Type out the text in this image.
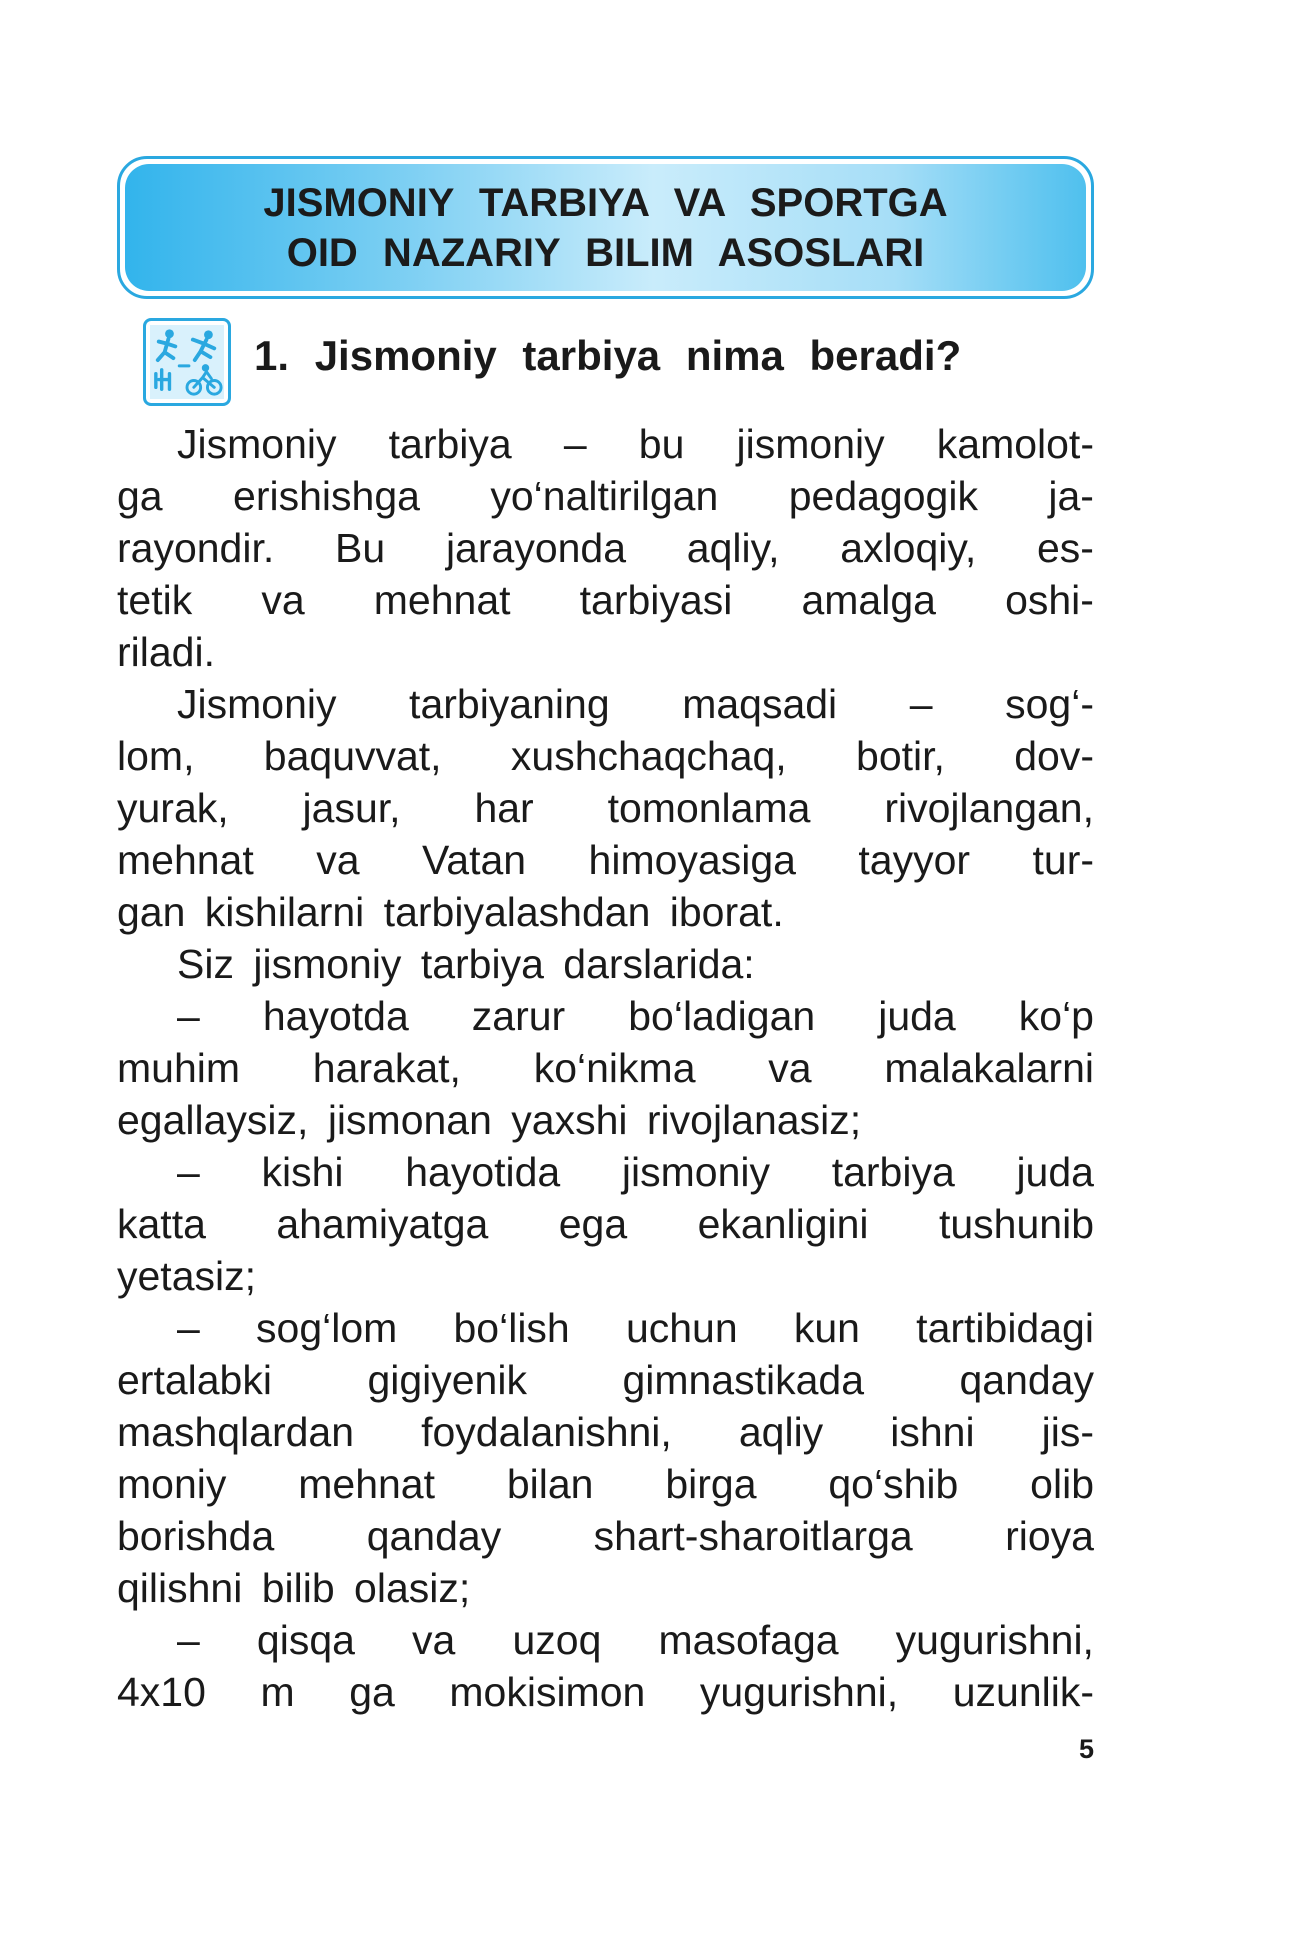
JISMONIY TARBIYA VA SPORTGA
OID NAZARIY BILIM ASOSLARI
1. Jismoniy tarbiya nima beradi?
Jismoniy tarbiya – bu jismoniy kamolot-
ga erishishga yo‘naltirilgan pedagogik ja-
rayondir. Bu jarayonda aqliy, axloqiy, es-
tetik va mehnat tarbiyasi amalga oshi-
riladi.
Jismoniy tarbiyaning maqsadi – sog‘-
lom, baquvvat, xushchaqchaq, botir, dov-
yurak, jasur, har tomonlama rivojlangan,
mehnat va Vatan himoyasiga tayyor tur-
gan kishilarni tarbiyalashdan iborat.
Siz jismoniy tarbiya darslarida:
– hayotda zarur bo‘ladigan juda ko‘p
muhim harakat, ko‘nikma va malakalarni
egallaysiz, jismonan yaxshi rivojlanasiz;
– kishi hayotida jismoniy tarbiya juda
katta ahamiyatga ega ekanligini tushunib
yetasiz;
– sog‘lom bo‘lish uchun kun tartibidagi
ertalabki gigiyenik gimnastikada qanday
mashqlardan foydalanishni, aqliy ishni jis-
moniy mehnat bilan birga qo‘shib olib
borishda qanday shart-sharoitlarga rioya
qilishni bilib olasiz;
– qisqa va uzoq masofaga yugurishni,
4x10 m ga mokisimon yugurishni, uzunlik-
5
